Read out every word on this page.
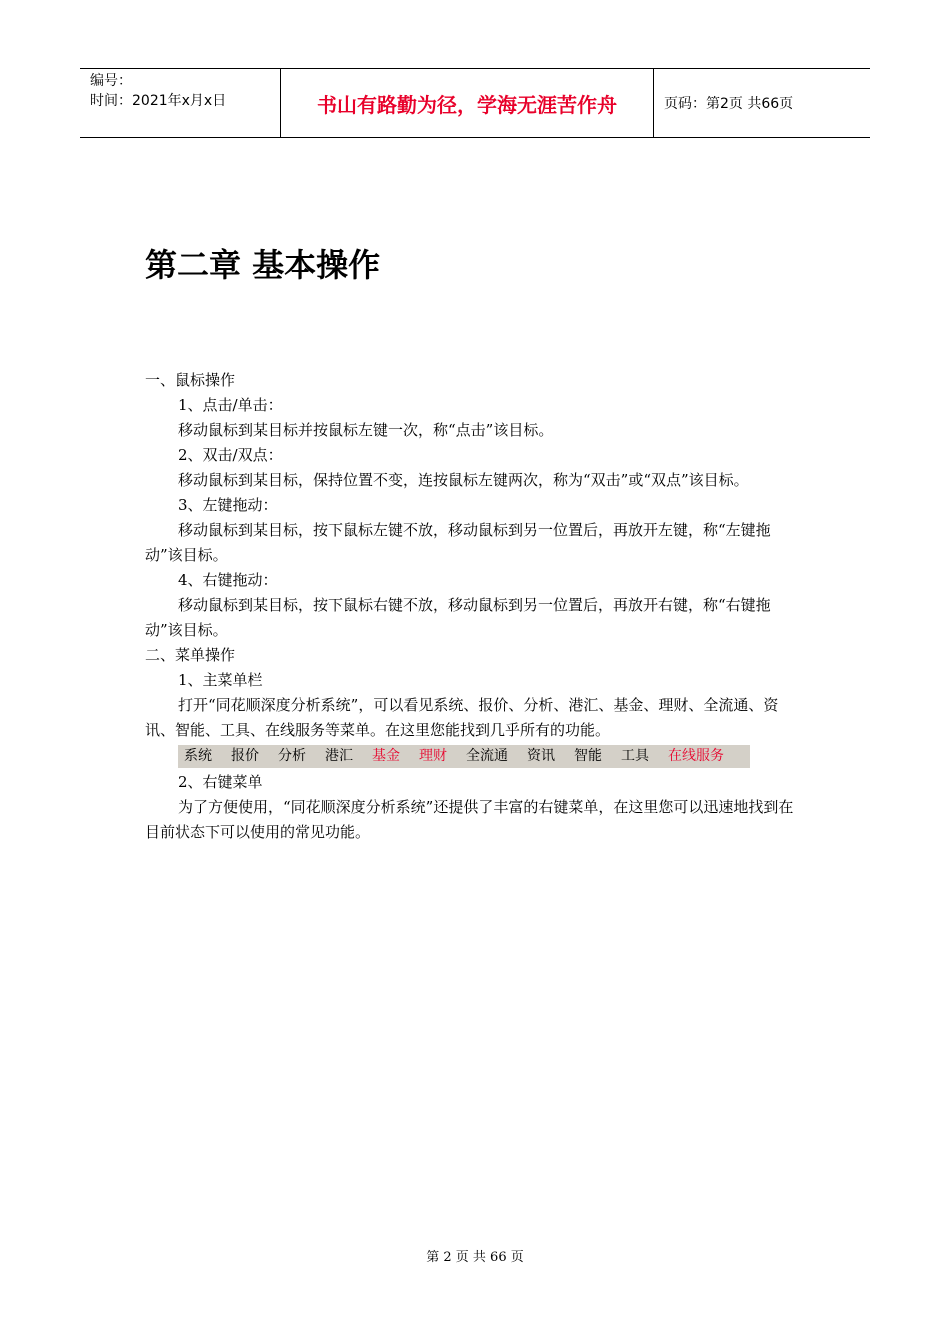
编号：
时间：2021年x月x日	书山有路勤为径，学海无涯苦作舟	页码：第2页 共66页
第二章 基本操作

一、鼠标操作

1、点击/单击：

移动鼠标到某目标并按鼠标左键一次，称“点击”该目标。

2、双击/双点：

移动鼠标到某目标，保持位置不变，连按鼠标左键两次，称为“双击”或“双点”该目标。

3、左键拖动：

移动鼠标到某目标，按下鼠标左键不放，移动鼠标到另一位置后，再放开左键，称“左键拖动”该目标。

4、右键拖动：

移动鼠标到某目标，按下鼠标右键不放，移动鼠标到另一位置后，再放开右键，称“右键拖动”该目标。

二、菜单操作

1、主菜单栏

打开“同花顺深度分析系统”，可以看见系统、报价、分析、港汇、基金、理财、全流通、资讯、智能、工具、在线服务等菜单。在这里您能找到几乎所有的功能。

系统 报价 分析 港汇 基金 理财 全流通 资讯 智能 工具 在线服务

2、右键菜单

为了方便使用，“同花顺深度分析系统”还提供了丰富的右键菜单，在这里您可以迅速地找到在目前状态下可以使用的常见功能。

第 2 页 共 66 页
